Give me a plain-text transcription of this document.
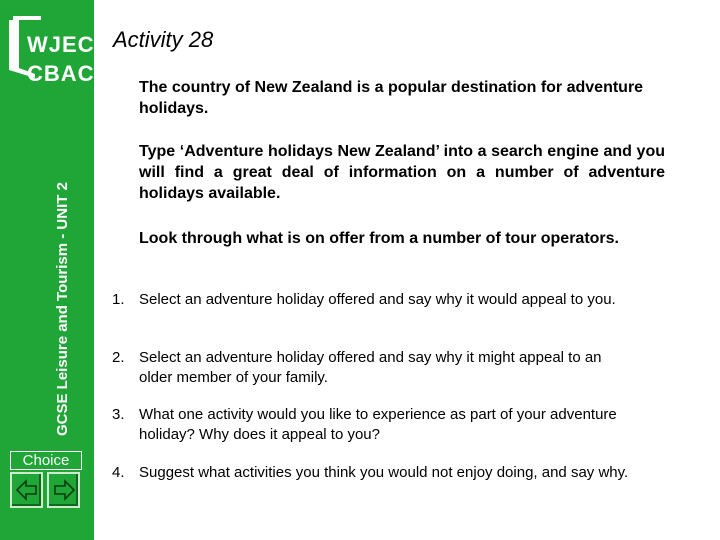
WJEC
CBAC
GCSE Leisure and Tourism - UNIT 2
Choice
Activity 28
The country of New Zealand is a popular destination for adventure holidays.
Type ‘Adventure holidays New Zealand’ into a search engine and you will find a great deal of information on a number of adventure holidays available.
Look through what is on offer from a number of tour operators.
1. Select an adventure holiday offered and say why it would appeal to you.
2. Select an adventure holiday offered and say why it might appeal to an older member of your family.
3. What one activity would you like to experience as part of your adventure holiday? Why does it appeal to you?
4. Suggest what activities you think you would not enjoy doing, and say why.
